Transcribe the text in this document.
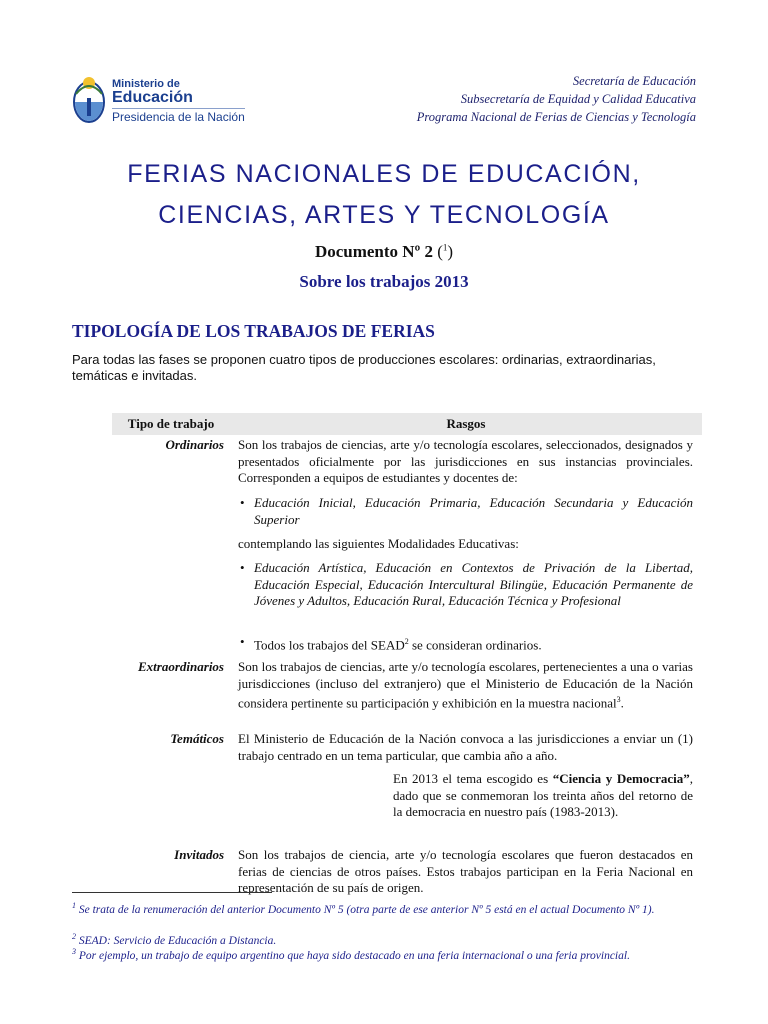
Ministerio de
Educación
Presidencia de la Nación
Secretaría de Educación
Subsecretaría de Equidad y Calidad Educativa
Programa Nacional de Ferias de Ciencias y Tecnología
FERIAS NACIONALES DE EDUCACIÓN,
CIENCIAS, ARTES Y TECNOLOGÍA
Documento Nº 2 ($^1$)
Sobre los trabajos 2013
TIPOLOGÍA DE LOS TRABAJOS DE FERIAS
Para todas las fases se proponen cuatro tipos de producciones escolares: ordinarias, extraordinarias, temáticas e invitadas.
Tipo de trabajo	Rasgos
Ordinarios Son los trabajos de ciencias, arte y/o tecnología escolares, seleccionados, designados y presentados oficialmente por las jurisdicciones en sus instancias provinciales. Corresponden a equipos de estudiantes y docentes de:
• Educación Inicial, Educación Primaria, Educación Secundaria y Educación Superior
contemplando las siguientes Modalidades Educativas:
• Educación Artística, Educación en Contextos de Privación de la Libertad, Educación Especial, Educación Intercultural Bilingüe, Educación Permanente de Jóvenes y Adultos, Educación Rural, Educación Técnica y Profesional
• Todos los trabajos del SEAD$^2$ se consideran ordinarios.
Extraordinarios Son los trabajos de ciencias, arte y/o tecnología escolares, pertenecientes a una o varias jurisdicciones (incluso del extranjero) que el Ministerio de Educación de la Nación considera pertinente su participación y exhibición en la muestra nacional$^3$.
Temáticos El Ministerio de Educación de la Nación convoca a las jurisdicciones a enviar un (1) trabajo centrado en un tema particular, que cambia año a año.
En 2013 el tema escogido es “Ciencia y Democracia”, dado que se conmemoran los treinta años del retorno de la democracia en nuestro país (1983-2013).
Invitados Son los trabajos de ciencia, arte y/o tecnología escolares que fueron destacados en ferias de ciencias de otros países. Estos trabajos participan en la Feria Nacional en representación de su país de origen.
$^1$ Se trata de la renumeración del anterior Documento Nº 5 (otra parte de ese anterior Nº 5 está en el actual Documento Nº 1).
$^2$ SEAD: Servicio de Educación a Distancia.
$^3$ Por ejemplo, un trabajo de equipo argentino que haya sido destacado en una feria internacional o una feria provincial.
